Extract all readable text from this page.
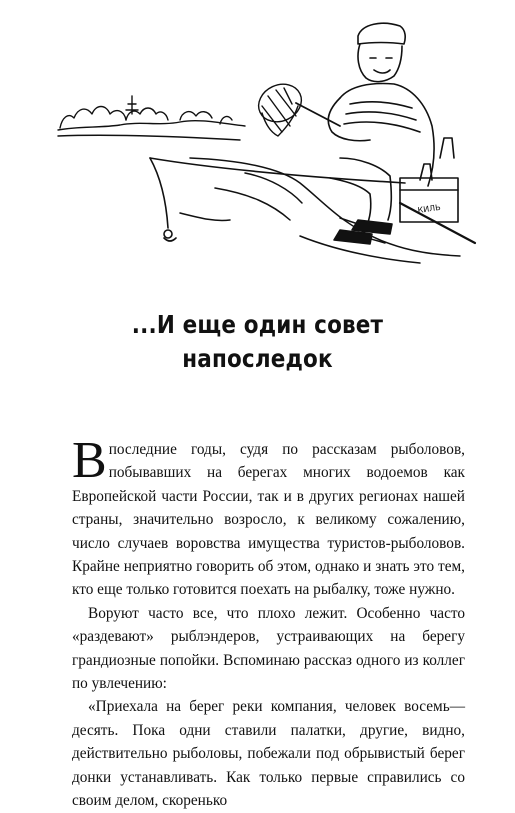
КИЛЬ
...И еще один совет
напоследок

Впоследние годы, судя по рассказам рыболовов, побывавших на берегах многих водоемов как Европейской части России, так и в других регионах нашей страны, значительно возросло, к великому сожалению, число случаев воровства имущества туристов-рыболовов. Крайне неприятно говорить об этом, однако и знать это тем, кто еще только готовится поехать на рыбалку, тоже нужно.

Воруют часто все, что плохо лежит. Особенно часто «раздевают» рыблэндеров, устраивающих на берегу грандиозные попойки. Вспоминаю рассказ одного из коллег по увлечению:

«Приехала на берег реки компания, человек восемь—десять. Пока одни ставили палатки, другие, видно, действительно рыболовы, побежали под обрывистый берег донки устанавливать. Как только первые справились со своим делом, скоренько
